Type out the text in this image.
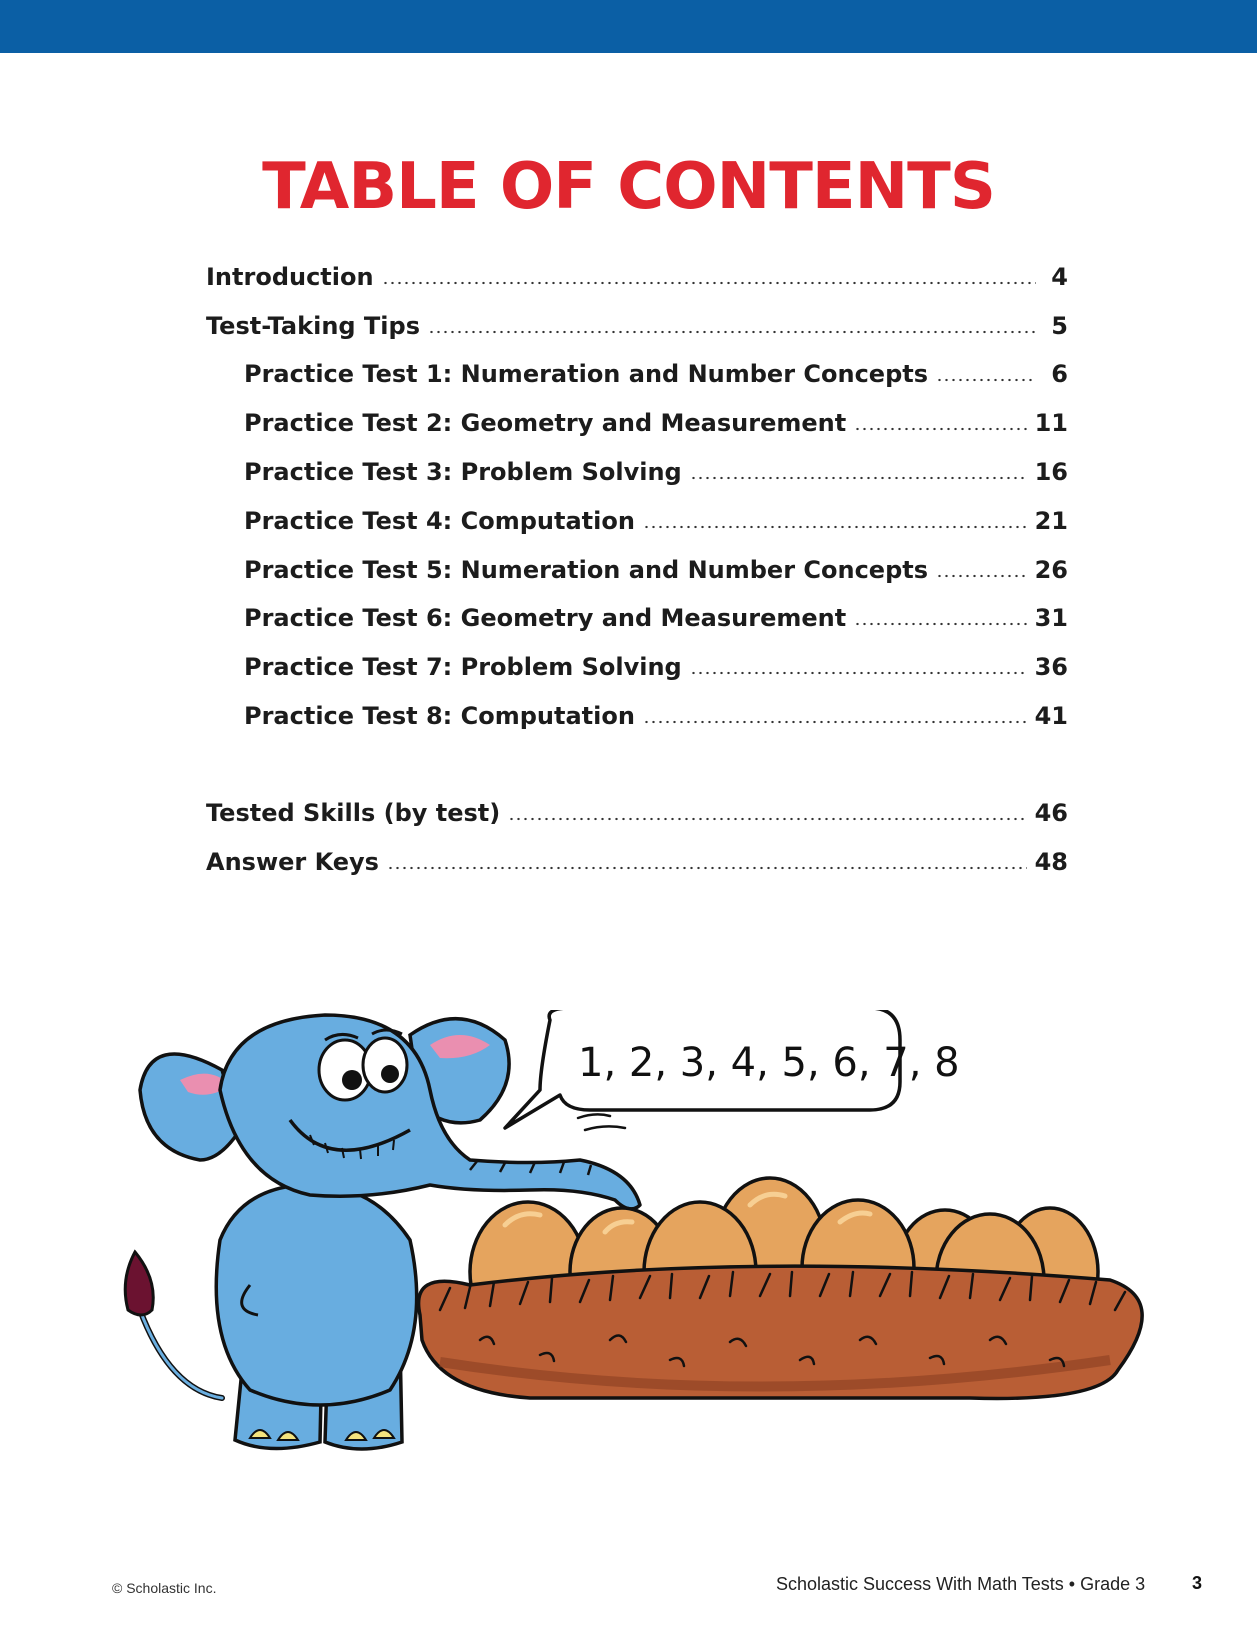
TABLE OF CONTENTS
Introduction	4
Test-Taking Tips	5
Practice Test 1: Numeration and Number Concepts	6
Practice Test 2: Geometry and Measurement	11
Practice Test 3: Problem Solving	16
Practice Test 4: Computation	21
Practice Test 5: Numeration and Number Concepts	26
Practice Test 6: Geometry and Measurement	31
Practice Test 7: Problem Solving	36
Practice Test 8: Computation	41
Tested Skills (by test)	46
Answer Keys	48
1, 2, 3, 4, 5, 6, 7, 8
© Scholastic Inc.	Scholastic Success With Math Tests • Grade 3	3
